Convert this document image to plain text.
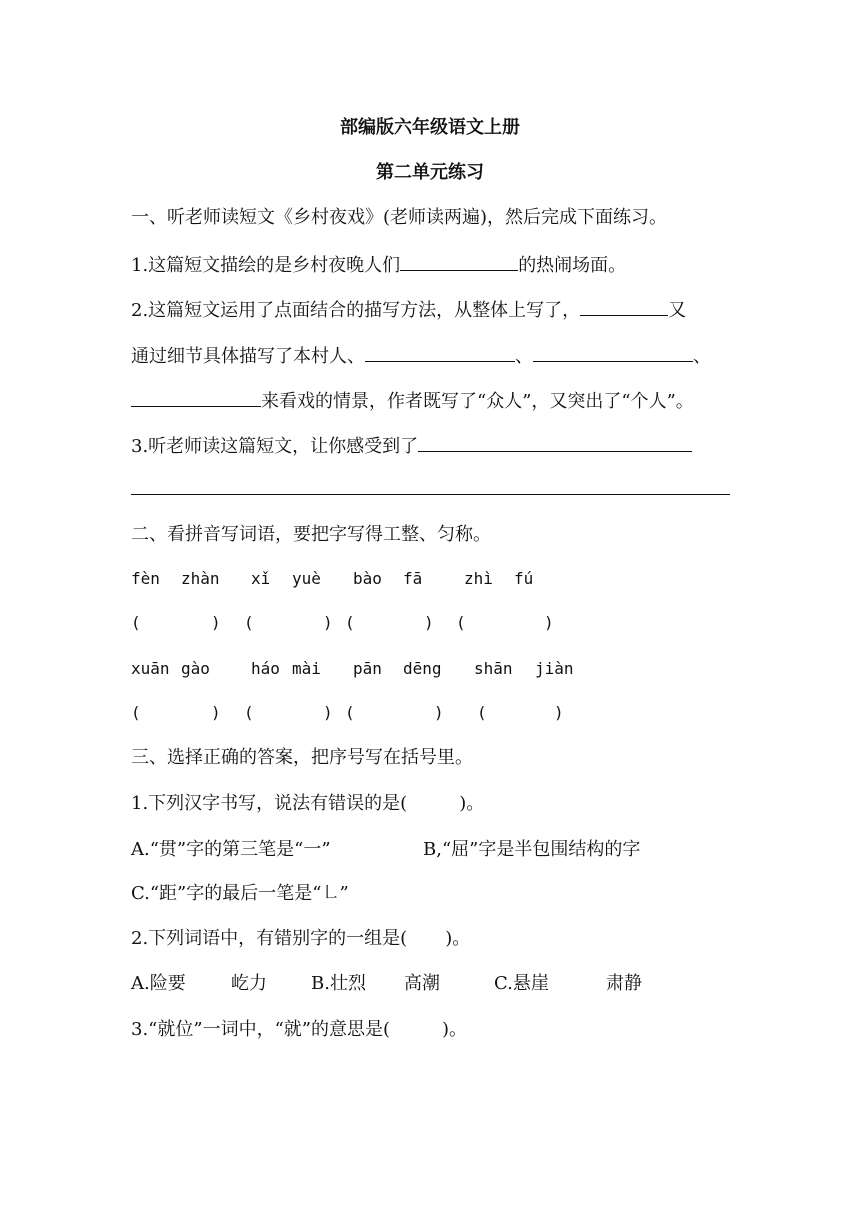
部编版六年级语文上册
第二单元练习
一、听老师读短文《乡村夜戏》(老师读两遍)，然后完成下面练习。
1.这篇短文描绘的是乡村夜晚人们	的热闹场面。
2.这篇短文运用了点面结合的描写方法，从整体上写了，	又
通过细节具体描写了本村人、	、	、
来看戏的情景，作者既写了“众人”，又突出了“个人”。
3.听老师读这篇短文，让你感受到了
二、看拼音写词语，要把字写得工整、匀称。
fèn zhàn xǐ yuè bào fā	zhì fú
(	) (	) (	) (	)
xuān gào	háo mài pān dēng shān jiàn
(	) (	) (	) (	)
三、选择正确的答案，把序号写在括号里。
1.下列汉字书写，说法有错误的是(	)。
A.“贯”字的第三笔是“一”	B,“屈”字是半包围结构的字
C.“距”字的最后一笔是“㇗”
2.下列词语中，有错别字的一组是( )。
A.险要	屹力 B.壮烈 高潮	C.悬崖	肃静
3.“就位”一词中，“就”的意思是(	)。
